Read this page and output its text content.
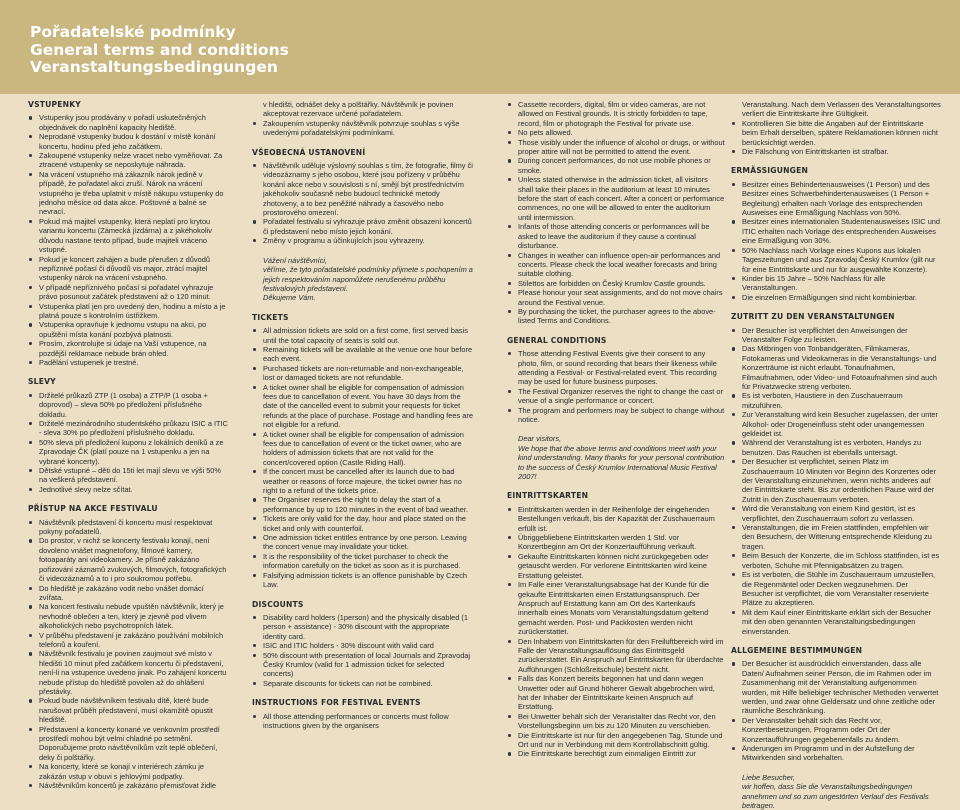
Pořadatelské podmínky
General terms and conditions
Veranstaltungsbedingungen
VSTUPENKY
Vstupenky jsou prodávány v pořadí uskutečněných objednávek do naplnění kapacity hlediště.
Neprodané vstupenky budou k dostání v místě konání koncertu, hodinu před jeho začátkem.
Zakoupené vstupenky nelze vracet nebo vyměňovat. Za ztracené vstupenky se neposkytuje náhrada.
Na vrácení vstupného má zákazník nárok jedině v případě, že pořadatel akci zruší. Nárok na vrácení vstupného je třeba uplatnit v místě nákupu vstupenky do jednoho měsíce od data akce. Poštovné a balné se nevrací.
Pokud má majitel vstupenky, která neplatí pro krytou variantu koncertu (Zámecká jízdárna) a z jakéhokoliv důvodu nastane tento případ, bude majiteli vráceno vstupné.
Pokud je koncert zahájen a bude přerušen z důvodů nepříznivé počasí či důvodů vis major, ztrácí majitel vstupenky nárok na vrácení vstupného.
V případě nepříznivého počasí si pořadatel vyhrazuje právo posunout začátek představení až o 120 minut.
Vstupenka platí jen pro uvedený den, hodinu a místo a je platná pouze s kontrolním ústřižkem.
Vstupenka opravňuje k jednomu vstupu na akci, po opuštění místa konání pozbývá platnosti.
Prosím, zkontrolujte si údaje na Vaší vstupence, na pozdější reklamace nebude brán ohled.
Padělání vstupenek je trestné.
SLEVY
Držitelé průkazů ZTP (1 osoba) a ZTP/P (1 osoba + doprovod) – sleva 50% po předložení příslušného dokladu.
Držitelé mezinárodního studentského průkazu ISIC a ITIC - sleva 30% po předložení příslušného dokladu.
50% sleva při předložení kuponu z lokálních deníků a ze Zpravodaje ČK (platí pouze na 1 vstupenku a jen na vybrané koncerty).
Dětské vstupné – děti do 15ti let mají slevu ve výši 50% na veškerá představení.
Jednotlivé slevy nelze sčítat.
PŘÍSTUP NA AKCE FESTIVALU
Návštěvník představení či koncertu musí respektovat pokyny pořadatelů.
Do prostor, v nichž se koncerty festivalu konají, není dovoleno vnášet magnetofony, filmové kamery, fotoaparáty ani videokamery. Je přísně zakázáno pořizování záznamů zvukových, filmových, fotografických či videozáznamů a to i pro soukromou potřebu.
Do hlediště je zakázáno vodit nebo vnášet domácí zvířata.
Na koncert festivalu nebude vpuštěn návštěvník, který je nevhodně oblečen a ten, který je zjevně pod vlivem alkoholických nebo psychotropních látek.
V průběhu představení je zakázáno používání mobilních telefonů a kouření.
Návštěvník festivalu je povinen zaujmout své místo v hledišti 10 minut před začátkem koncertu či představení, není-li na vstupence uvedeno jinak. Po zahájení koncertu nebude přístup do hlediště povolen až do ohlášení přestávky.
Pokud bude návštěvníkem festivalu dítě, které bude narušovat průběh představení, musí okamžitě opustit hlediště.
Představení a koncerty konané ve venkovním prostředí prostředí mohou být velmi chladné po setmění. Doporučujeme proto návštěvníkům vzít teplé oblečení, deky či polštářky.
Na koncerty, které se konají v interiérech zámku je zakázán vstup v obuvi s jehlovými podpatky.
Návštěvníkům koncertů je zakázáno přemisťovat židle
v hledišti, odnášet deky a polštářky. Návštěvník je povinen akceptovat rezervace určené pořadatelem.
Zakoupením vstupenky návštěvník potvrzuje souhlas s výše uvedenými pořadatelskými podmínkami.
VŠEOBECNÁ USTANOVENÍ
Návštěvník uděluje výslovný souhlas s tím, že fotografie, filmy či videozáznamy s jeho osobou, které jsou pořízeny v průběhu konání akce nebo v souvislosti s ní, smějí být prostředníctvím jakéhokoliv současně nebo budoucí technické metody zhotoveny, a to bez peněžité náhrady a časového nebo prostorového omezení.
Pořadatel festivalu si vyhrazuje právo změnit obsazení koncertů či představení nebo místo jejich konání.
Změny v programu a účinkujících jsou vyhrazeny.

Vážení návštěvníci,

věříme, že tyto pořadatelské podmínky přijmete s pochopením a jejich respektováním napomůžete nerušenému průběhu festivalových představení.

Děkujeme Vám.

TICKETS
All admission tickets are sold on a first come, first served basis until the total capacity of seats is sold out.
Remaining tickets will be available at the venue one hour before each event.
Purchased tickets are non-returnable and non-exchangeable, lost or damaged tickets are not refundable.
A ticket owner shall be eligible for compensation of admission fees due to cancellation of event. You have 30 days from the date of the cancelled event to submit your requests for ticket refunds at the place of purchase. Postage and handling fees are not eligible for a refund.
A ticket owner shall be eligible for compensation of admission fees due to cancellation of event or the ticket owner, who are holders of admission tickets that are not valid for the concert/covered option (Castle Riding Hall).
If the concert must be cancelled after its launch due to bad weather or reasons of force majeure, the ticket owner has no right to a refund of the tickets price.
The Organiser reserves the right to delay the start of a performance by up to 120 minutes in the event of bad weather.
Tickets are only valid for the day, hour and place stated on the ticket and only with counterfoil.
One admission ticket entitles entrance by one person. Leaving the concert venue may invalidate your ticket.
It is the responsibility of the ticket purchaser to check the information carefully on the ticket as soon as it is purchased.
Falsifying admission tickets is an offence punishable by Czech Law.
DISCOUNTS
Disability card holders (1person) and the physically disabled (1 person + assistance) - 30% discount with the appropriate identity card.
ISIC and ITIC holders - 30% discount with valid card
50% discount with presentation of local Journals and Zpravodaj Český Krumlov (valid for 1 admission ticket for selected concerts)
Separate discounts for tickets can not be combined.
INSTRUCTIONS FOR FESTIVAL EVENTS
All those attending performances or concerts must follow instructions given by the organisers
Cassette recorders, digital, film or video cameras, are not allowed on Festival grounds. It is strictly forbidden to tape, record, film or photograph the Festival for private use.
No pets allowed.
Those visibly under the influence of alcohol or drugs, or without proper attire will not be permitted to attend the event.
During concert performances, do not use mobile phones or smoke.
Unless stated otherwise in the admission ticket, all visitors shall take their places in the auditorium at least 10 minutes before the start of each concert. After a concert or performance commences, no one will be allowed to enter the auditorium until intermission.
Infants of those attending concerts or performances will be asked to leave the auditorium if they cause a continual disturbance.
Changes in weather can influence open-air performances and concerts. Please check the local weather forecasts and bring suitable clothing.
Stilettos are forbidden on Český Krumlov Castle grounds.
Please honour your seat assignments, and do not move chairs around the Festival venue.
By purchasing the ticket, the purchaser agrees to the above-listed Terms and Conditions.
GENERAL CONDITIONS
Those attending Festival Events give their consent to any photo, film, or sound recording that bears their likeness while attending a Festival- or Festival-related event. This recording may be used for future business purposes.
The Festival Organizer reserves the right to change the cast or venue of a single performance or concert.
The program and performers may be subject to change without notice.

Dear visitors,

We hope that the above terms and conditions meet with your kind understanding. Many thanks for your personal contribution to the success of Český Krumlov International Music Festival 2007!

EINTRITTSKARTEN
Eintrittskarten werden in der Reihenfolge der eingehenden Bestellungen verkauft, bis der Kapazität der Zuschauerraum erfüllt ist.
Übriggebliebene Eintrittskarten werden 1 Std. vor Konzertbeginn am Ort der Konzertaufführung verkauft.
Gekaufte Eintrittskarten können nicht zurückgegeben oder getauscht werden. Für verlorene Eintrittskarten wird keine Erstattung geleistet.
Im Falle einer Veranstaltungsabsage hat der Kunde für die gekaufte Eintrittskarten einen Erstattungsanspruch. Der Anspruch auf Erstattung kann am Ort des Kartenkaufs innerhalb eines Monats vom Veranstaltungsdatum geltend gemacht werden. Post- und Packkosten werden nicht zurückerstattet.
Den Inhabern von Eintrittskarten für den Freiluftbereich wird im Falle der Veranstaltungsauflösung das Eintrittsgeld zurückerstattet. Ein Anspruch auf Eintrittskarten für überdachte Aufführungen (Schloßreitschule) besteht nicht.
Falls das Konzert bereits begonnen hat und dann wegen Unwetter oder auf Grund höherer Gewalt abgebrochen wird, hat der Inhaber der Eintrittskarte keinen Anspruch auf Erstattung.
Bei Unwetter behält sich der Veranstalter das Recht vor, den Vorstellungsbeginn um bis zu 120 Minuten zu verschieben.
Die Eintrittskarte ist nur für den angegebenen Tag, Stunde und Ort und nur in Verbindung mit dem Kontrollabschnitt gültig.
Die Eintrittskarte berechtigt zum einmaligen Eintritt zur
Veranstaltung. Nach dem Verlassen des Veranstaltungsortes verliert die Eintrittskarte ihre Gültigkeit.
Kontrollieren Sie bitte die Angaben auf der Eintrittskarte beim Erhalt derselben, spätere Reklamationen können nicht berücksichtigt werden.
Die Fälschung von Eintrittskarten ist strafbar.
ERMÄSSIGUNGEN
Besitzer eines Behindertenausweises (1 Person) und des Besitzer eines Schwerbehindertenausweises (1 Person + Begleitung) erhalten nach Vorlage des entsprechenden Ausweises eine Ermäßigung Nachlass von 50%.
Besitzer eines internationalen Studentenausweises ISIC und ITIC erhalten nach Vorlage des entsprechenden Ausweises eine Ermäßigung von 30%.
50% Nachlass nach Vorlage eines Kupons aus lokalen Tageszeitungen und aus Zpravodaj Český Krumlov (gilt nur für eine Eintrittskarte und nur für ausgewählte Konzerte).
Kinder bis 15 Jahre – 50% Nachlass für alle Veranstaltungen.
Die einzelnen Ermäßigungen sind nicht kombinierbar.
ZUTRITT ZU DEN VERANSTALTUNGEN
Der Besucher ist verpflichtet den Anweisungen der Veranstalter Folge zu leisten.
Das Mitbringen von Tonbandgeräten, Filmkameras, Fotokameras und Videokameras in die Veranstaltungs- und Konzerträume ist nicht erlaubt. Tonaufnahmen, Filmaufnahmen, oder Video- und Fotoaufnahmen sind auch für Privatzwecke streng verboten.
Es ist verboten, Haustiere in den Zuschauerraum mitzuführen.
Zur Veranstaltung wird kein Besucher zugelassen, der unter Alkohol- oder Drogeneinfluss steht oder unangemessen gekleidet ist.
Während der Veranstaltung ist es verboten, Handys zu benutzen. Das Rauchen ist ebenfalls untersagt.
Der Besucher ist verpflichtet, seinen Platz im Zuschauerraum 10 Minuten vor Beginn des Konzertes oder der Veranstaltung einzunehmen, wenn nichts anderes auf der Eintrittskarte steht. Bis zur ordentlichen Pause wird der Zutritt in den Zuschauerraum verboten.
Wird die Veranstaltung von einem Kind gestört, ist es verpflichtet, den Zuschauerraum sofort zu verlassen.
Veranstaltungen, die im Freien stattfinden, empfehlen wir den Besuchern, der Witterung entsprechende Kleidung zu tragen.
Beim Besuch der Konzerte, die im Schloss stattfinden, ist es verboten, Schuhe mit Pfennigabsätzen zu tragen.
Es ist verboten, die Stühle im Zuschauerraum umzustellen, die Regenmäntel oder Decken wegzunehmen. Der Besucher ist verpflichtet, die vom Veranstalter reservierte Plätze zu akzeptieren.
Mit dem Kauf einer Eintrittskarte erklärt sich der Besucher mit den oben genannten Veranstaltungsbedingungen einverstanden.
ALLGEMEINE BESTIMMUNGEN
Der Besucher ist ausdrücklich einverstanden, dass alle Daten/ Aufnahmen seiner Person, die im Rahmen oder im Zusammenhang mit der Veranstaltung aufgenommen wurden, mit Hilfe beliebiger technischer Methoden verwertet werden, und zwar ohne Geldersatz und ohne zeitliche oder räumliche Beschränkung.
Der Veranstalter behält sich das Recht vor, Konzertbesetzungen, Programm oder Ort der Konzertaufführungen gegebenenfalls zu ändern.
Änderungen im Programm und in der Aufstellung der Mitwirkenden sind vorbehalten.

Liebe Besucher,

wir hoffen, dass Sie die Veranstaltungsbedingungen annehmen und so zum ungestörten Verlauf des Festivals beitragen.
